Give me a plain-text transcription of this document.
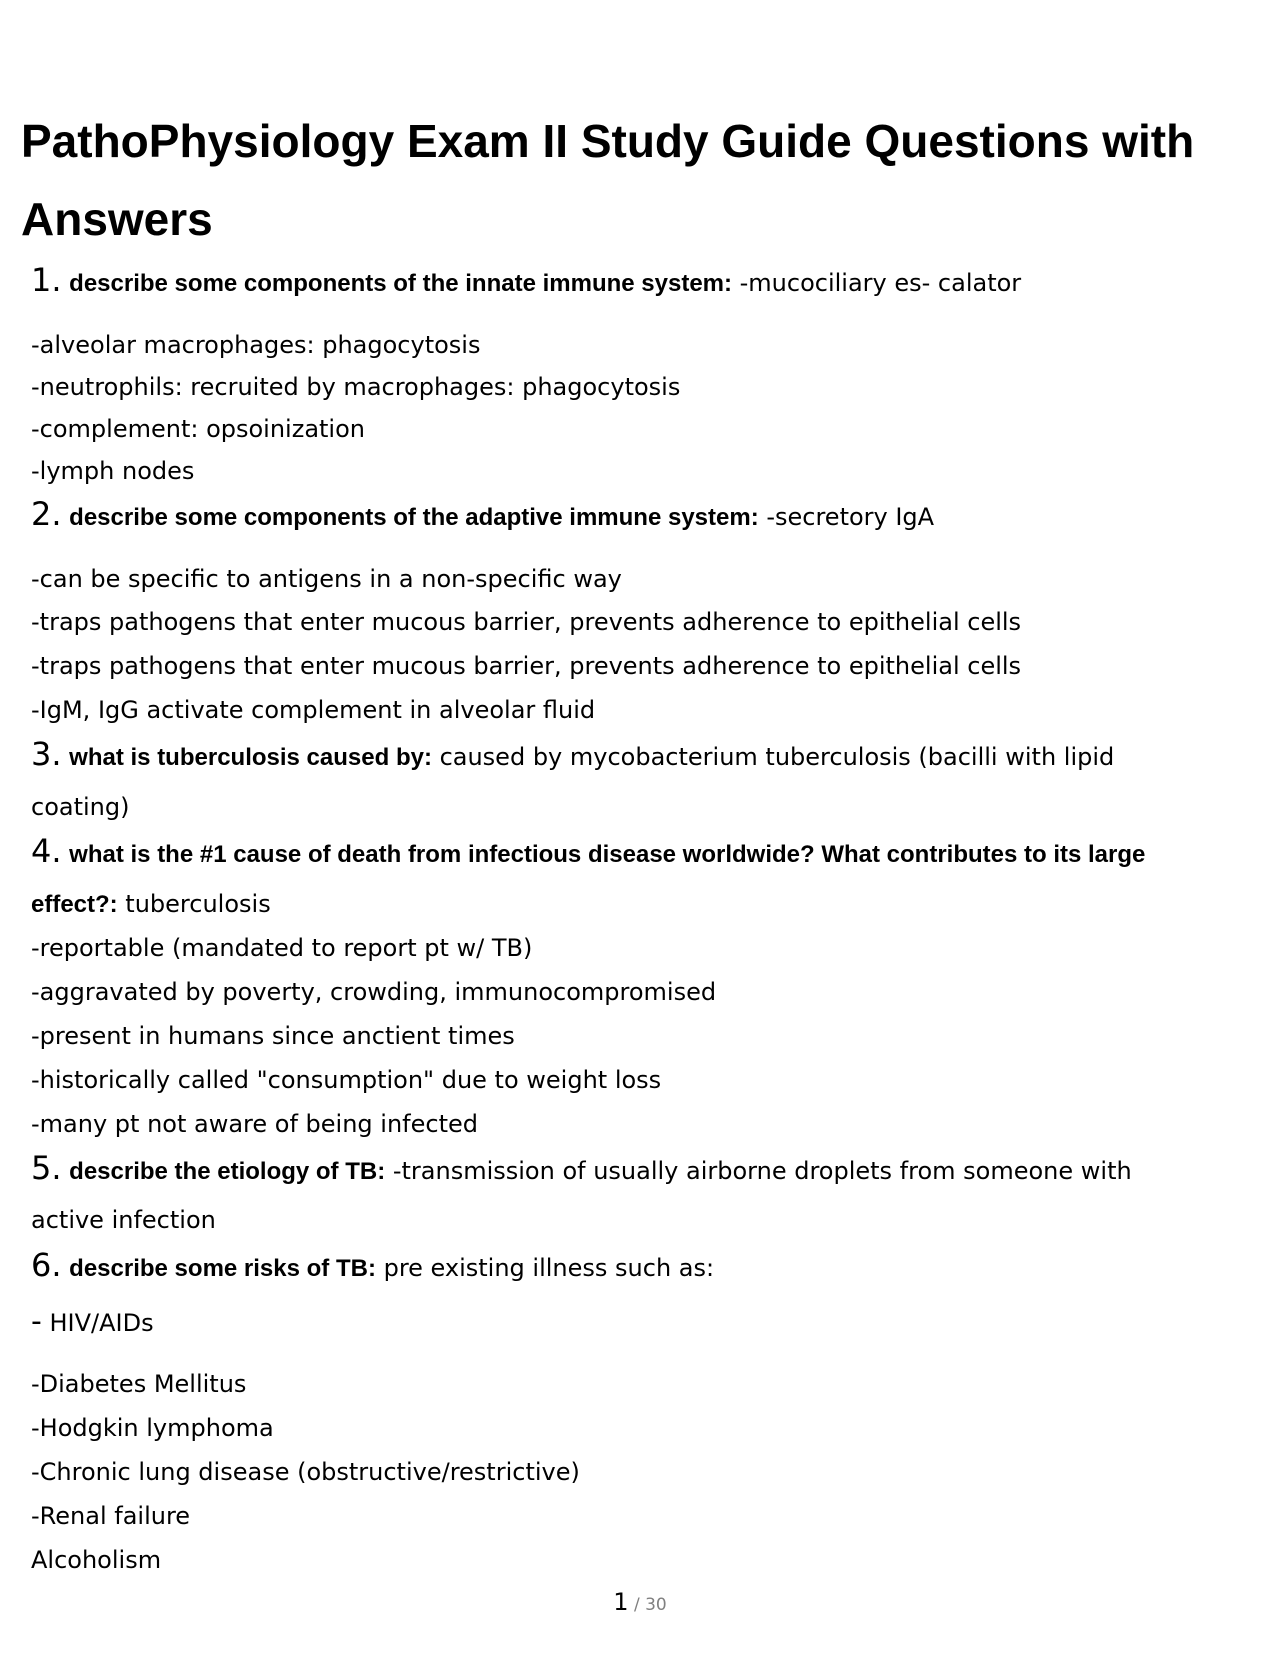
PathoPhysiology Exam II Study Guide Questions with Answers
1. describe some components of the innate immune system: -mucociliary es- calator
-alveolar macrophages: phagocytosis
-neutrophils: recruited by macrophages: phagocytosis
-complement: opsoinization
-lymph nodes
2. describe some components of the adaptive immune system: -secretory IgA
-can be specific to antigens in a non-specific way
-traps pathogens that enter mucous barrier, prevents adherence to epithelial cells
-traps pathogens that enter mucous barrier, prevents adherence to epithelial cells
-IgM, IgG activate complement in alveolar fluid
3. what is tuberculosis caused by: caused by mycobacterium tuberculosis (bacilli with lipid
coating)
4. what is the #1 cause of death from infectious disease worldwide? What contributes to its large
effect?: tuberculosis
-reportable (mandated to report pt w/ TB)
-aggravated by poverty, crowding, immunocompromised
-present in humans since anctient times
-historically called "consumption" due to weight loss
-many pt not aware of being infected
5. describe the etiology of TB: -transmission of usually airborne droplets from someone with
active infection
6. describe some risks of TB: pre existing illness such as:
- HIV/AIDs
-Diabetes Mellitus
-Hodgkin lymphoma
-Chronic lung disease (obstructive/restrictive)
-Renal failure
Alcoholism
1 / 30
